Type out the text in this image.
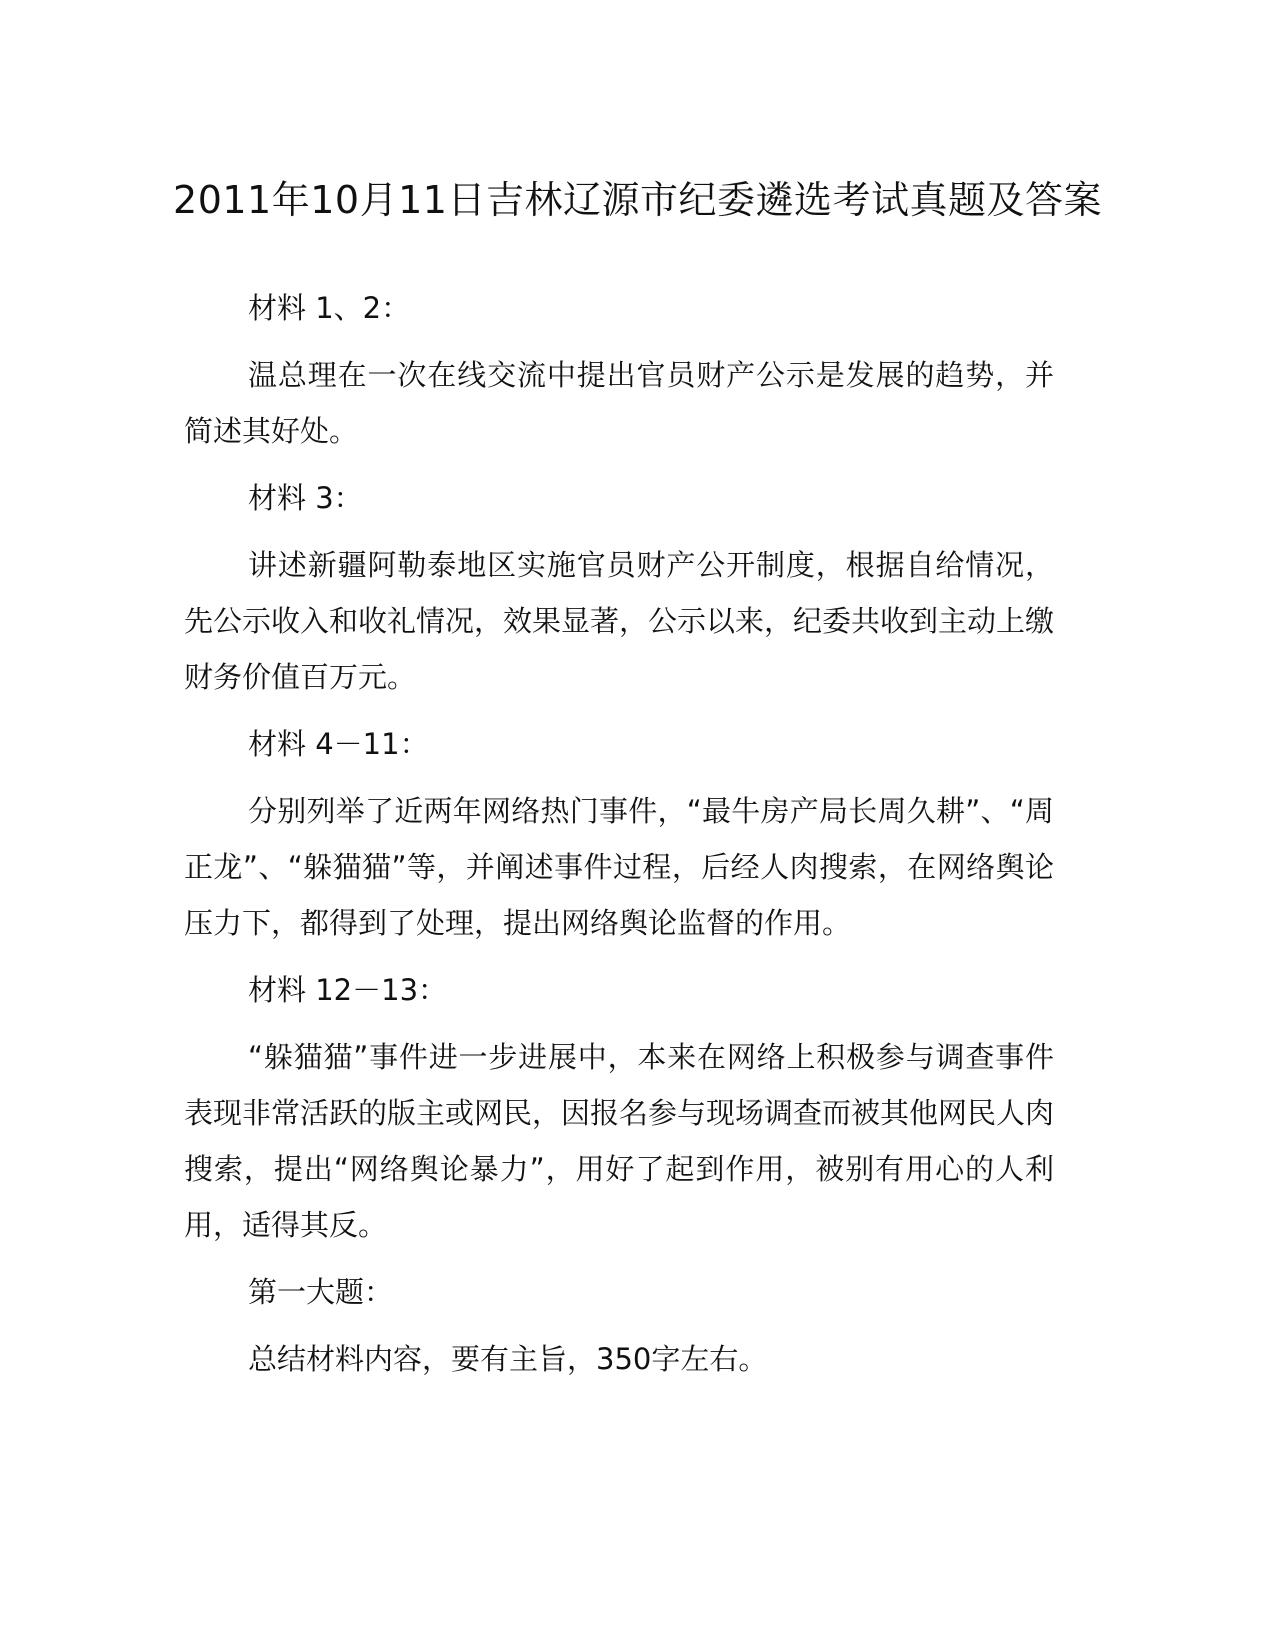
2011年10月11日吉林辽源市纪委遴选考试真题及答案

材料 1、2：

温总理在一次在线交流中提出官员财产公示是发展的趋势，并简述其好处。

材料 3：

讲述新疆阿勒泰地区实施官员财产公开制度，根据自给情况，先公示收入和收礼情况，效果显著，公示以来，纪委共收到主动上缴财务价值百万元。

材料 4－11：

分别列举了近两年网络热门事件，“最牛房产局长周久耕”、“周正龙”、“躲猫猫”等，并阐述事件过程，后经人肉搜索，在网络舆论压力下，都得到了处理，提出网络舆论监督的作用。

材料 12－13：

“躲猫猫”事件进一步进展中，本来在网络上积极参与调查事件表现非常活跃的版主或网民，因报名参与现场调查而被其他网民人肉搜索，提出“网络舆论暴力”，用好了起到作用，被别有用心的人利用，适得其反。

第一大题：

总结材料内容，要有主旨，350字左右。
